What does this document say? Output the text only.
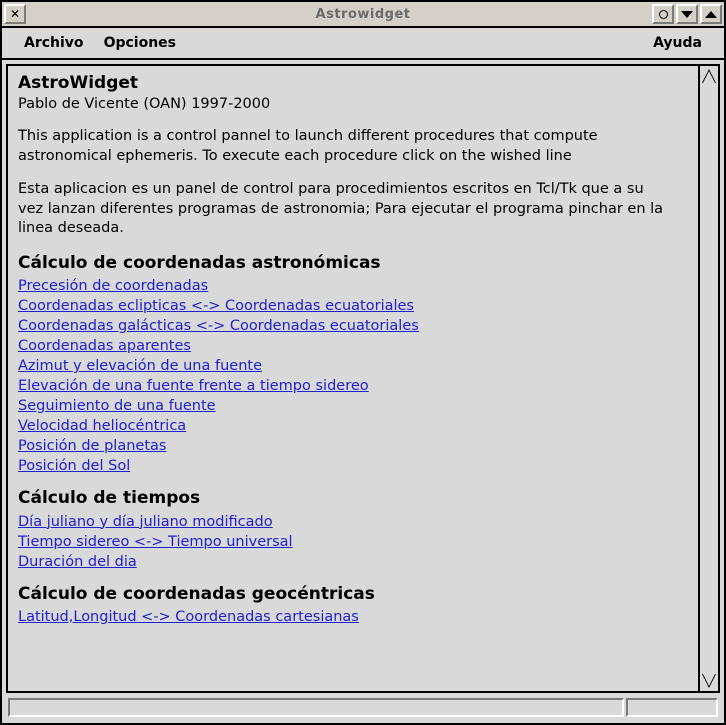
✕	Astrowidget
Archivo	Opciones	Ayuda
AstroWidget
Pablo de Vicente (OAN) 1997-2000
This application is a control pannel to launch different procedures that compute astronomical ephemeris. To execute each procedure click on the wished line
Esta aplicacion es un panel de control para procedimientos escritos en Tcl/Tk que a su vez lanzan diferentes programas de astronomia; Para ejecutar el programa pinchar en la linea deseada.
Cálculo de coordenadas astronómicas
Precesión de coordenadas
Coordenadas eclipticas <-> Coordenadas ecuatoriales
Coordenadas galácticas <-> Coordenadas ecuatoriales
Coordenadas aparentes
Azimut y elevación de una fuente
Elevación de una fuente frente a tiempo sidereo
Seguimiento de una fuente
Velocidad heliocéntrica
Posición de planetas
Posición del Sol
Cálculo de tiempos
Día juliano y día juliano modificado
Tiempo sidereo <-> Tiempo universal
Duración del dia
Cálculo de coordenadas geocéntricas
Latitud,Longitud <-> Coordenadas cartesianas
